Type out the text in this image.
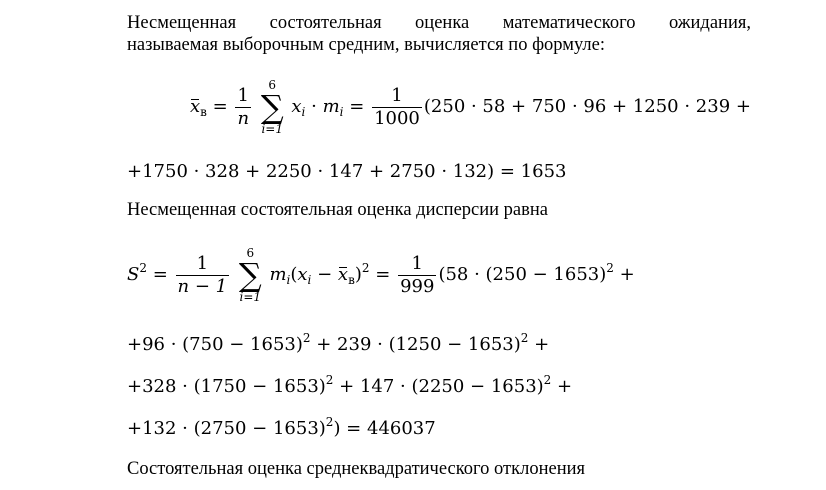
Несмещенная состоятельная оценка математического ожидания,
называемая выборочным средним, вычисляется по формуле:
$x_в = \frac{1}{n}$
	6
∑
i=1
$x_i \cdot m_i = \frac{1}{1000} (250 \cdot 58 + 750 \cdot 96 + 1250 \cdot 239$ +
+1750 · 328 + 2250 · 147 + 2750 · 132) = 1653
Несмещенная состоятельная оценка дисперсии равна
$S^2 = \frac{1}{n - 1}$
	6
∑
i=1
$m_i(x_i - x_в)^2 = \frac{1}{999} (58 \cdot (250 - 1653)^2$ +
$+96 \cdot (750 - 1653)^2 + 239 \cdot (1250 - 1653)^2$ +
$+328 \cdot (1750 - 1653)^2 + 147 \cdot (2250 - 1653)^2$ +
$+132 \cdot (2750 - 1653)^2) = 446037$
Состоятельная оценка среднеквадратического отклонения
